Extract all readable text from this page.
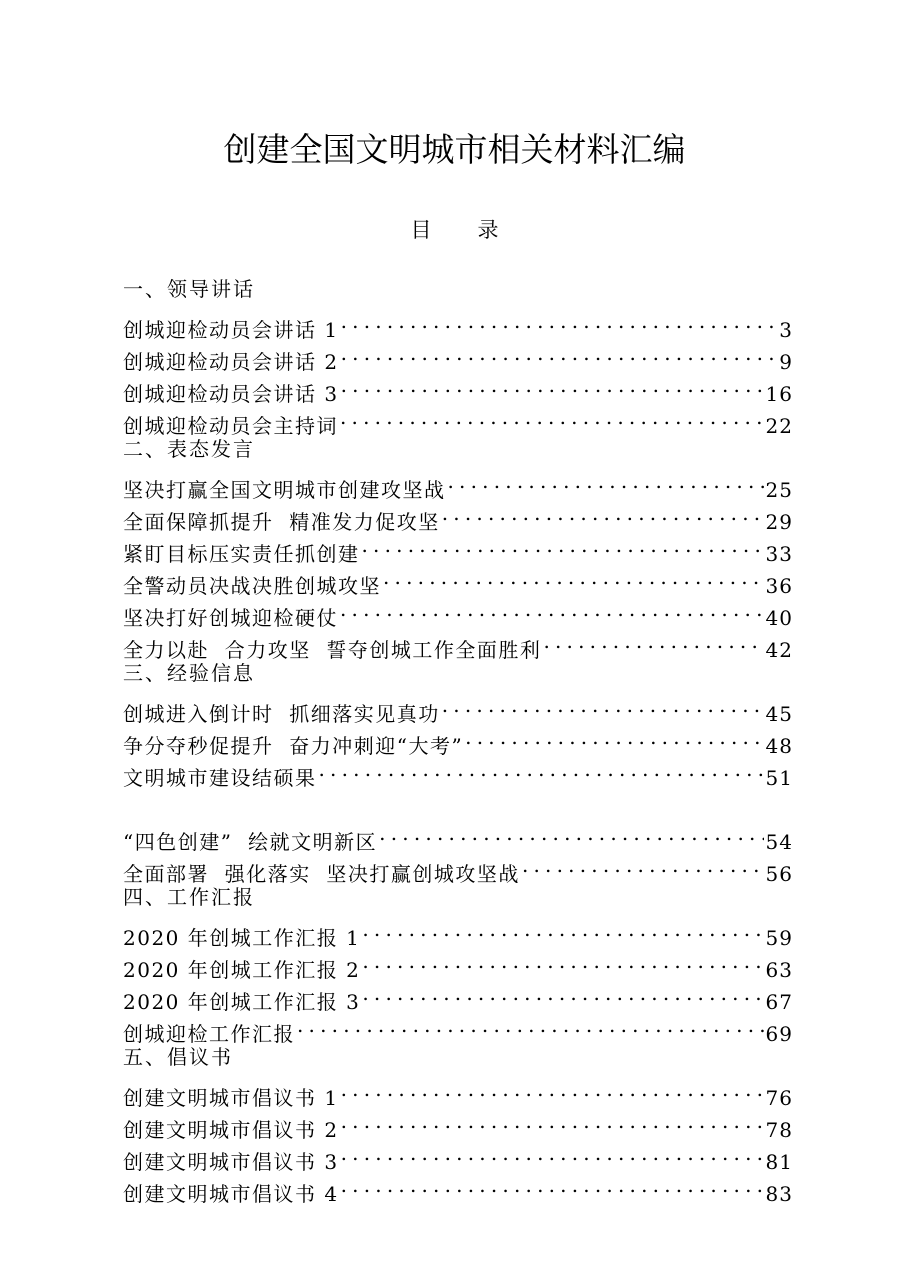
创建全国文明城市相关材料汇编
目 录
一、领导讲话
创城迎检动员会讲话 1 .....	3
创城迎检动员会讲话 2 .....	9
创城迎检动员会讲话 3 .....	16
创城迎检动员会主持词 .....	22
二、表态发言
坚决打赢全国文明城市创建攻坚战 .....	25
全面保障抓提升  精准发力促攻坚 .....	29
紧盯目标压实责任抓创建 .....	33
全警动员决战决胜创城攻坚 .....	36
坚决打好创城迎检硬仗 .....	40
全力以赴  合力攻坚  誓夺创城工作全面胜利 .....	42
三、经验信息
创城进入倒计时  抓细落实见真功 .....	45
争分夺秒促提升  奋力冲刺迎“大考” .....	48
文明城市建设结硕果 .....	51
“四色创建”  绘就文明新区 .....	54
全面部署  强化落实  坚决打赢创城攻坚战 .....	56
四、工作汇报
2020 年创城工作汇报 1 .....	59
2020 年创城工作汇报 2 .....	63
2020 年创城工作汇报 3 .....	67
创城迎检工作汇报 .....	69
五、倡议书
创建文明城市倡议书 1 .....	76
创建文明城市倡议书 2 .....	78
创建文明城市倡议书 3 .....	81
创建文明城市倡议书 4 .....	83
